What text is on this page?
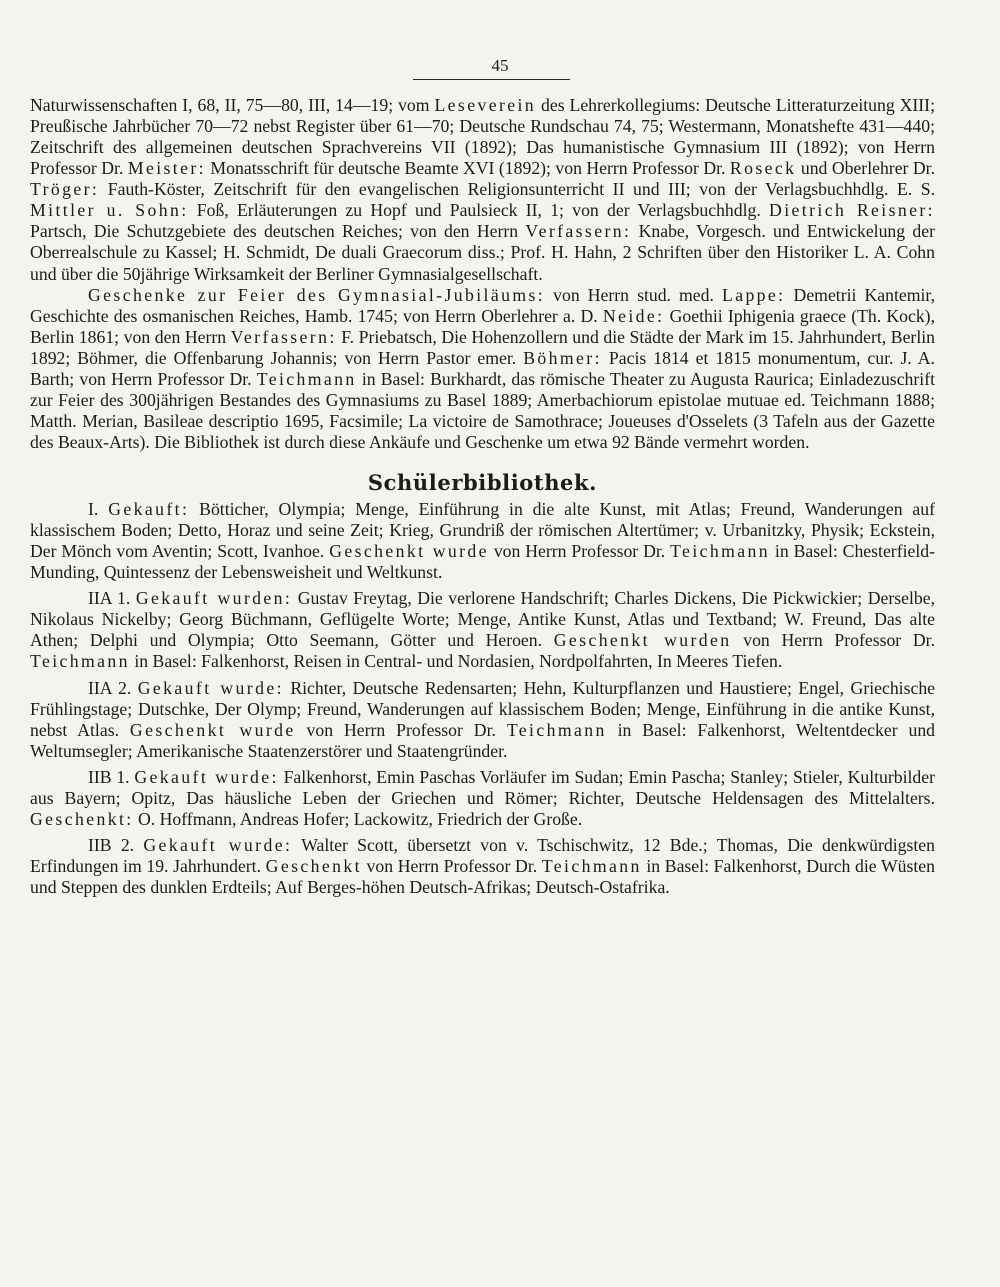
45

Naturwissenschaften I, 68, II, 75—80, III, 14—19; vom Leseverein des Lehrerkollegiums: Deutsche Litteraturzeitung XIII; Preußische Jahrbücher 70—72 nebst Register über 61—70; Deutsche Rundschau 74, 75; Westermann, Monatshefte 431—440; Zeitschrift des allgemeinen deutschen Sprachvereins VII (1892); Das humanistische Gymnasium III (1892); von Herrn Professor Dr. Meister: Monatsschrift für deutsche Beamte XVI (1892); von Herrn Professor Dr. Roseck und Oberlehrer Dr. Tröger: Fauth-Köster, Zeitschrift für den evangelischen Religionsunterricht II und III; von der Verlagsbuchhdlg. E. S. Mittler u. Sohn: Foß, Erläuterungen zu Hopf und Paulsieck II, 1; von der Verlagsbuchhdlg. Dietrich Reisner: Partsch, Die Schutzgebiete des deutschen Reiches; von den Herrn Verfassern: Knabe, Vorgesch. und Entwickelung der Oberrealschule zu Kassel; H. Schmidt, De duali Graecorum diss.; Prof. H. Hahn, 2 Schriften über den Historiker L. A. Cohn und über die 50jährige Wirksamkeit der Berliner Gymnasialgesellschaft.

Geschenke zur Feier des Gymnasial-Jubiläums: von Herrn stud. med. Lappe: Demetrii Kantemir, Geschichte des osmanischen Reiches, Hamb. 1745; von Herrn Oberlehrer a. D. Neide: Goethii Iphigenia graece (Th. Kock), Berlin 1861; von den Herrn Verfassern: F. Priebatsch, Die Hohenzollern und die Städte der Mark im 15. Jahrhundert, Berlin 1892; Böhmer, die Offenbarung Johannis; von Herrn Pastor emer. Böhmer: Pacis 1814 et 1815 monumentum, cur. J. A. Barth; von Herrn Professor Dr. Teichmann in Basel: Burkhardt, das römische Theater zu Augusta Raurica; Einladezuschrift zur Feier des 300jährigen Bestandes des Gymnasiums zu Basel 1889; Amerbachiorum epistolae mutuae ed. Teichmann 1888; Matth. Merian, Basileae descriptio 1695, Facsimile; La victoire de Samothrace; Joueuses d'Osselets (3 Tafeln aus der Gazette des Beaux-Arts). Die Bibliothek ist durch diese Ankäufe und Geschenke um etwa 92 Bände vermehrt worden.

Schülerbibliothek.

I. Gekauft: Bötticher, Olympia; Menge, Einführung in die alte Kunst, mit Atlas; Freund, Wanderungen auf klassischem Boden; Detto, Horaz und seine Zeit; Krieg, Grundriß der römischen Altertümer; v. Urbanitzky, Physik; Eckstein, Der Mönch vom Aventin; Scott, Ivanhoe. Geschenkt wurde von Herrn Professor Dr. Teichmann in Basel: Chesterfield-Munding, Quintessenz der Lebensweisheit und Weltkunst.

IIA 1. Gekauft wurden: Gustav Freytag, Die verlorene Handschrift; Charles Dickens, Die Pickwickier; Derselbe, Nikolaus Nickelby; Georg Büchmann, Geflügelte Worte; Menge, Antike Kunst, Atlas und Textband; W. Freund, Das alte Athen; Delphi und Olympia; Otto Seemann, Götter und Heroen. Geschenkt wurden von Herrn Professor Dr. Teichmann in Basel: Falkenhorst, Reisen in Central- und Nordasien, Nordpolfahrten, In Meeres Tiefen.

IIA 2. Gekauft wurde: Richter, Deutsche Redensarten; Hehn, Kulturpflanzen und Haustiere; Engel, Griechische Frühlingstage; Dutschke, Der Olymp; Freund, Wanderungen auf klassischem Boden; Menge, Einführung in die antike Kunst, nebst Atlas. Geschenkt wurde von Herrn Professor Dr. Teichmann in Basel: Falkenhorst, Weltentdecker und Weltumsegler; Amerikanische Staatenzerstörer und Staatengründer.

IIB 1. Gekauft wurde: Falkenhorst, Emin Paschas Vorläufer im Sudan; Emin Pascha; Stanley; Stieler, Kulturbilder aus Bayern; Opitz, Das häusliche Leben der Griechen und Römer; Richter, Deutsche Heldensagen des Mittelalters. Geschenkt: O. Hoffmann, Andreas Hofer; Lackowitz, Friedrich der Große.

IIB 2. Gekauft wurde: Walter Scott, übersetzt von v. Tschischwitz, 12 Bde.; Thomas, Die denkwürdigsten Erfindungen im 19. Jahrhundert. Geschenkt von Herrn Professor Dr. Teichmann in Basel: Falkenhorst, Durch die Wüsten und Steppen des dunklen Erdteils; Auf Berges-höhen Deutsch-Afrikas; Deutsch-Ostafrika.
